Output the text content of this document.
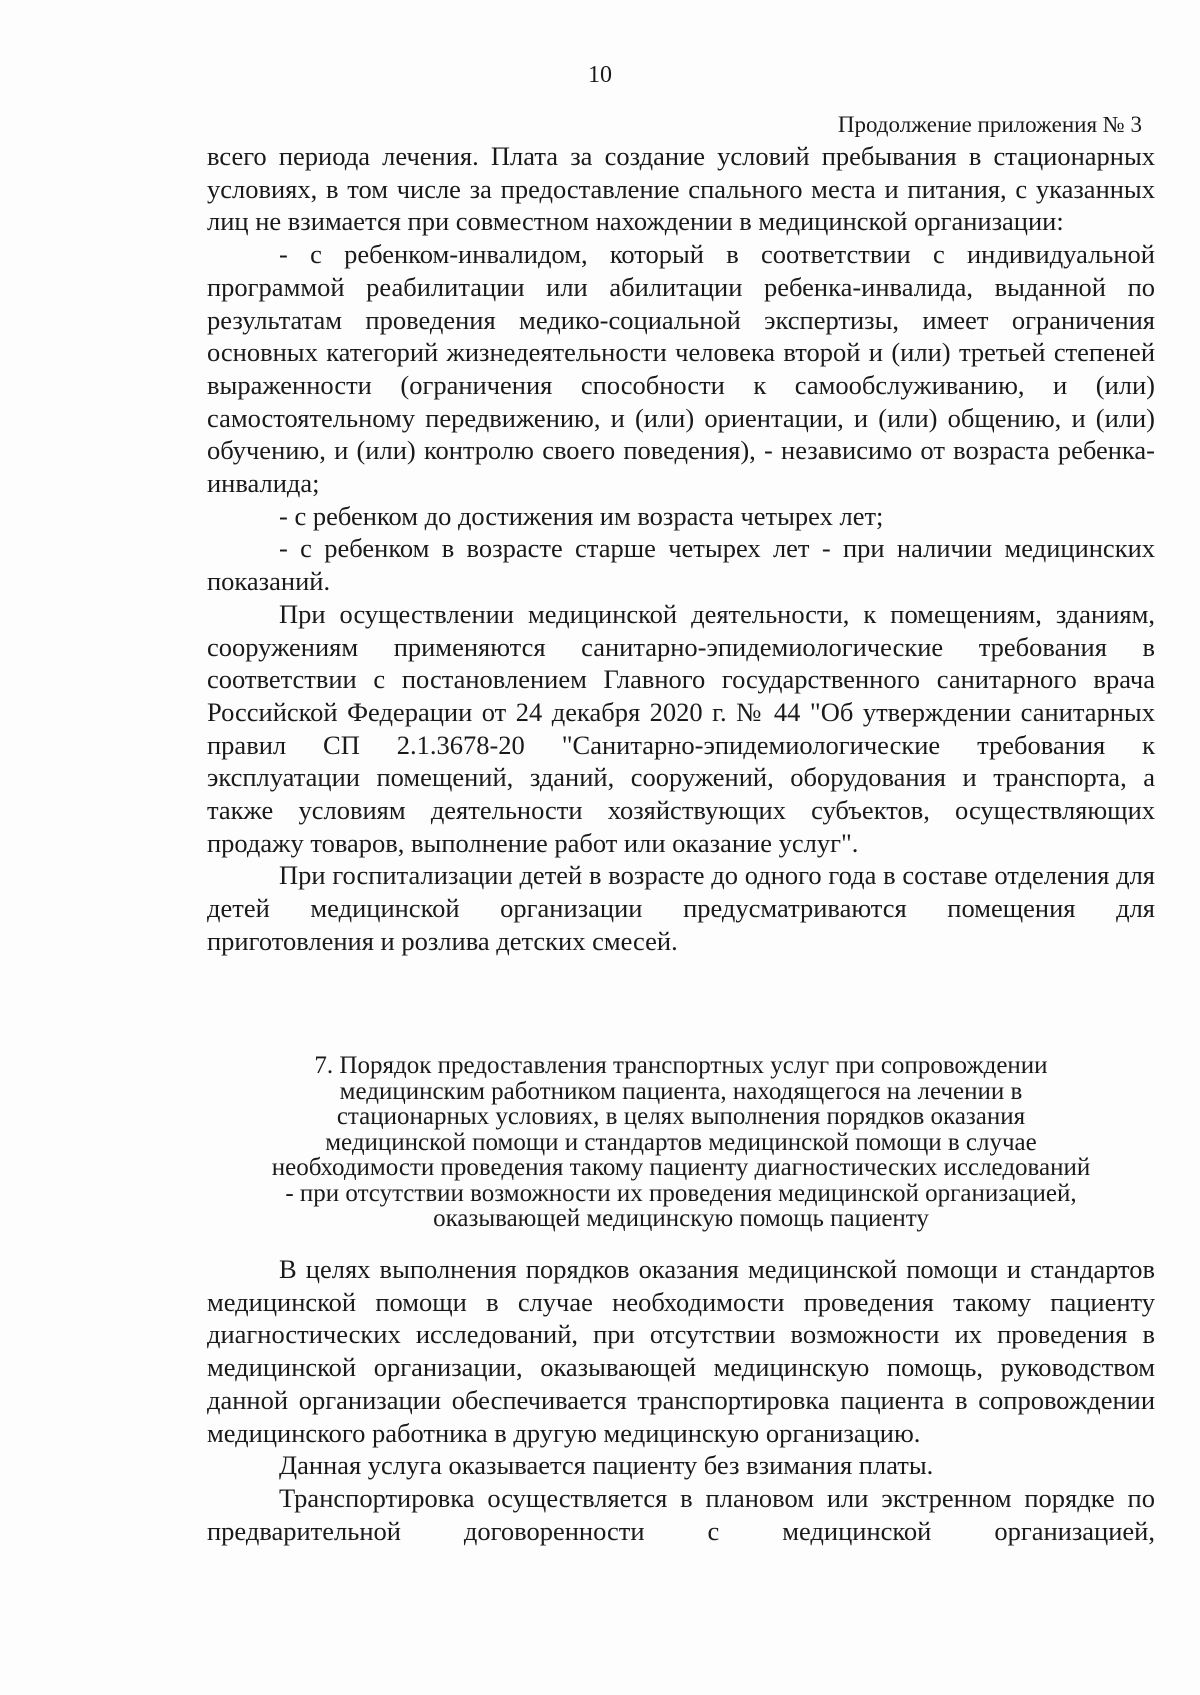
10
Продолжение приложения № 3

всего периода лечения. Плата за создание условий пребывания в стационарных условиях, в том числе за предоставление спального места и питания, с указанных лиц не взимается при совместном нахождении в медицинской организации:

- с ребенком-инвалидом, который в соответствии с индивидуальной программой реабилитации или абилитации ребенка-инвалида, выданной по результатам проведения медико-социальной экспертизы, имеет ограничения основных категорий жизнедеятельности человека второй и (или) третьей степеней выраженности (ограничения способности к самообслуживанию, и (или) самостоятельному передвижению, и (или) ориентации, и (или) общению, и (или) обучению, и (или) контролю своего поведения), - независимо от возраста ребенка-инвалида;

- с ребенком до достижения им возраста четырех лет;

- с ребенком в возрасте старше четырех лет - при наличии медицинских показаний.

При осуществлении медицинской деятельности, к помещениям, зданиям, сооружениям применяются санитарно-эпидемиологические требования в соответствии с постановлением Главного государственного санитарного врача Российской Федерации от 24 декабря 2020 г. № 44 "Об утверждении санитарных правил СП 2.1.3678-20 "Санитарно-эпидемиологические требования к эксплуатации помещений, зданий, сооружений, оборудования и транспорта, а также условиям деятельности хозяйствующих субъектов, осуществляющих продажу товаров, выполнение работ или оказание услуг".

При госпитализации детей в возрасте до одного года в составе отделения для детей медицинской организации предусматриваются помещения для приготовления и розлива детских смесей.

7. Порядок предоставления транспортных услуг при сопровождении
медицинским работником пациента, находящегося на лечении в
стационарных условиях, в целях выполнения порядков оказания
медицинской помощи и стандартов медицинской помощи в случае
необходимости проведения такому пациенту диагностических исследований
- при отсутствии возможности их проведения медицинской организацией,
оказывающей медицинскую помощь пациенту

В целях выполнения порядков оказания медицинской помощи и стандартов медицинской помощи в случае необходимости проведения такому пациенту диагностических исследований, при отсутствии возможности их проведения в медицинской организации, оказывающей медицинскую помощь, руководством данной организации обеспечивается транспортировка пациента в сопровождении медицинского работника в другую медицинскую организацию.

Данная услуга оказывается пациенту без взимания платы.

Транспортировка осуществляется в плановом или экстренном порядке по предварительной договоренности с медицинской организацией,
